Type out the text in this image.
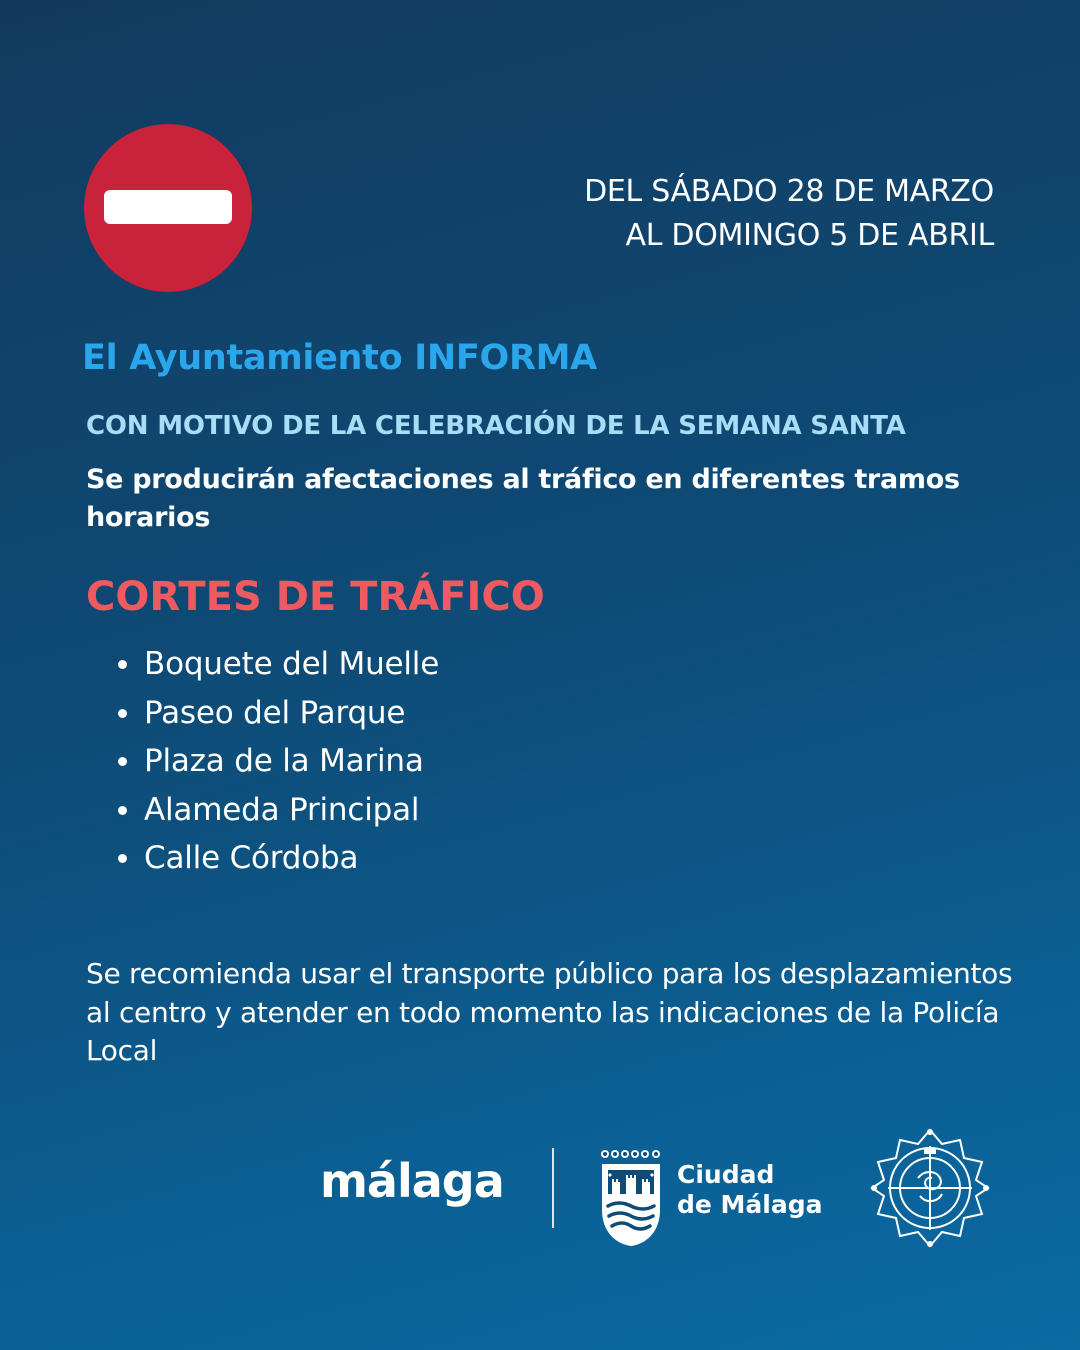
DEL SÁBADO 28 DE MARZO
AL DOMINGO 5 DE ABRIL
El Ayuntamiento INFORMA
CON MOTIVO DE LA CELEBRACIÓN DE LA SEMANA SANTA
Se producirán afectaciones al tráfico en diferentes tramos horarios
CORTES DE TRÁFICO
Boquete del Muelle
Paseo del Parque
Plaza de la Marina
Alameda Principal
Calle Córdoba
Se recomienda usar el transporte público para los desplazamientos al centro y atender en todo momento las indicaciones de la Policía Local
málaga	Ciudad
de Málaga
